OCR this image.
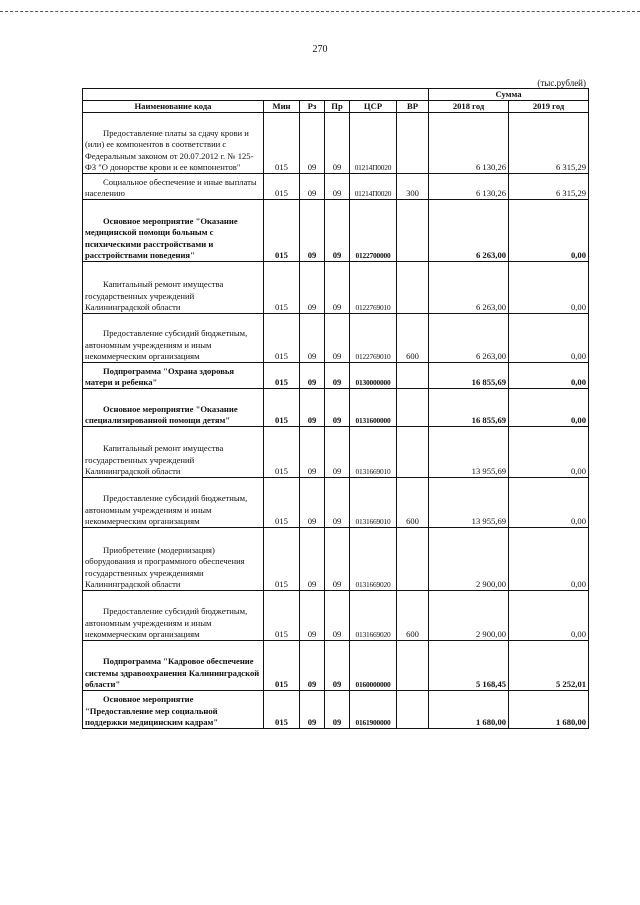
270
(тыс.рублей)
						Сумма	
Наименование кода	Мин	Рз	Пр	ЦСР	ВР	2018 год	2019 год

Предоставление платы за сдачу крови и (или) ее компонентов в соответствии с Федеральным законом от 20.07.2012 г. № 125-ФЗ "О донорстве крови и ее компонентов"	015	09	09	01214П0020		6 130,26	6 315,29

Социальное обеспечение и иные выплаты населению	015	09	09	01214П0020	300	6 130,26	6 315,29

Основное мероприятие "Оказание медицинской помощи больным с психическими расстройствами и расстройствами поведения"	015	09	09	0122700000		6 263,00	0,00

Капитальный ремонт имущества государственных учреждений Калининградской области	015	09	09	0122769010		6 263,00	0,00

Предоставление субсидий бюджетным, автономным учреждениям и иным некоммерческим организациям	015	09	09	0122769010	600	6 263,00	0,00

Подпрограмма "Охрана здоровья матери и ребенка"	015	09	09	0130000000		16 855,69	0,00

Основное мероприятие "Оказание специализированной помощи детям"	015	09	09	0131600000		16 855,69	0,00

Капитальный ремонт имущества государственных учреждений Калининградской области	015	09	09	0131669010		13 955,69	0,00

Предоставление субсидий бюджетным, автономным учреждениям и иным некоммерческим организациям	015	09	09	0131669010	600	13 955,69	0,00

Приобретение (модернизация) оборудования и программного обеспечения государственных учреждениями Калининградской области	015	09	09	0131669020		2 900,00	0,00

Предоставление субсидий бюджетным, автономным учреждениям и иным некоммерческим организациям	015	09	09	0131669020	600	2 900,00	0,00

Подпрограмма "Кадровое обеспечение системы здравоохранения Калининградской области"	015	09	09	0160000000		5 168,45	5 252,01

Основное мероприятие "Предоставление мер социальной поддержки медицинским кадрам"	015	09	09	0161900000		1 680,00	1 680,00
